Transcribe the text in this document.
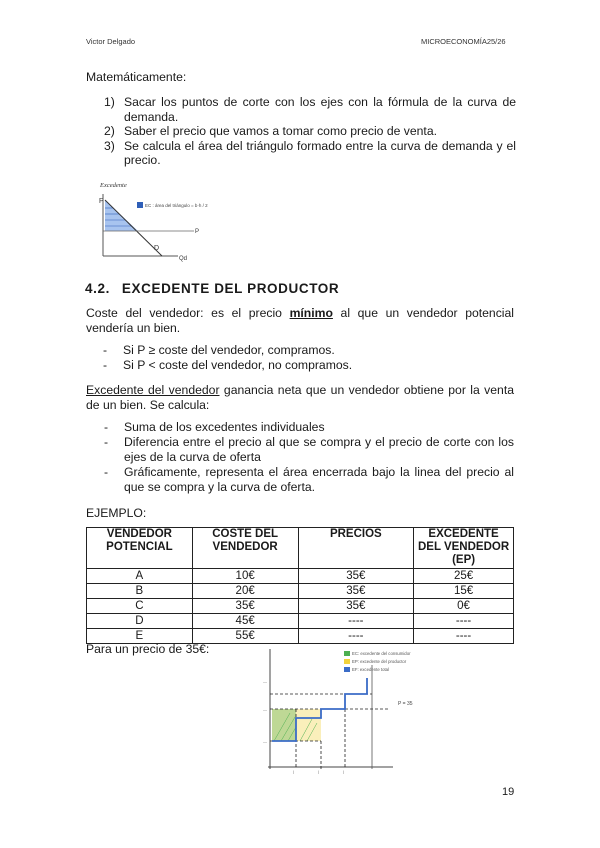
Victor Delgado	MICROECONOMÍA25/26
Matemáticamente:
1) Sacar los puntos de corte con los ejes con la fórmula de la curva de demanda.
2) Saber el precio que vamos a tomar como precio de venta.
3) Se calcula el área del triángulo formado entre la curva de demanda y el precio.
Excedente
P
P
D
Qd
EC : área del triángulo = b·h / 2
4.2. EXCEDENTE DEL PRODUCTOR
Coste del vendedor: es el precio mínimo al que un vendedor potencial vendería un bien.
- Si P ≥ coste del vendedor, compramos.
- Si P < coste del vendedor, no compramos.
Excedente del vendedor ganancia neta que un vendedor obtiene por la venta de un bien. Se calcula:
- Suma de los excedentes individuales
- Diferencia entre el precio al que se compra y el precio de corte con los ejes de la curva de oferta
- Gráficamente, representa el área encerrada bajo la linea del precio al que se compra y la curva de oferta.
EJEMPLO:
VENDEDOR POTENCIAL	COSTE DEL VENDEDOR	PRECIOS	EXCEDENTE DEL VENDEDOR (EP)
A	10€	35€	25€
B	20€	35€	15€
C	35€	35€	0€
D	45€	----	----
E	55€	----	----
Para un precio de 35€:	EC: excedente del consumidor
EP: excedente del productor
EF: excedente total
P = 35
—
—
—
|	|	|
19
